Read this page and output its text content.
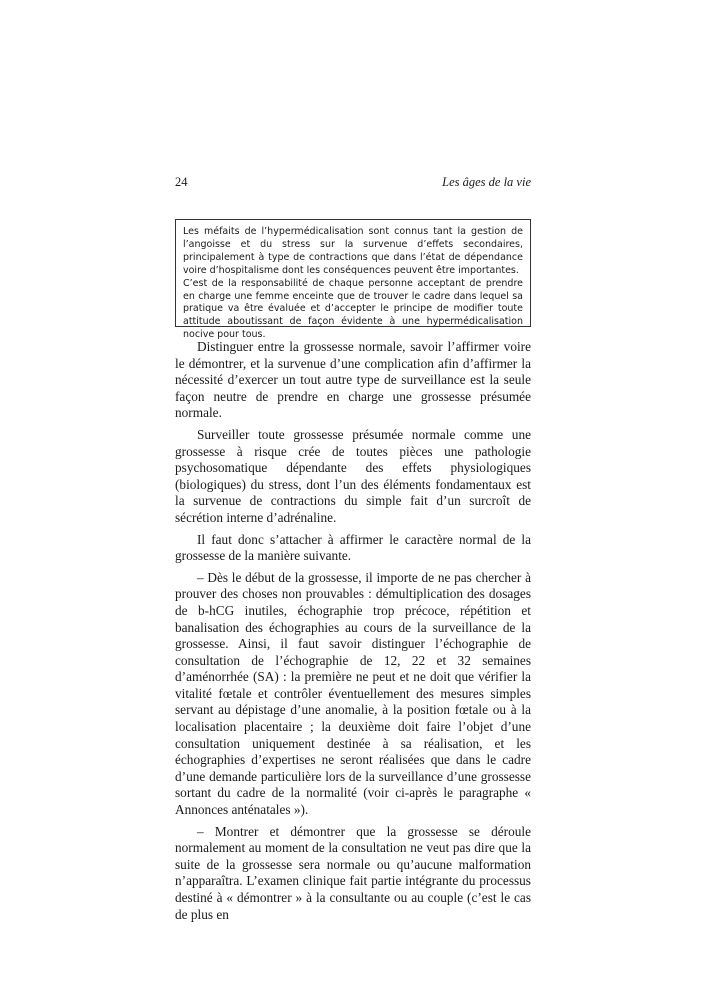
24	Les âges de la vie

Les méfaits de l’hypermédicalisation sont connus tant la gestion de l’angoisse et du stress sur la survenue d’effets secondaires, principalement à type de contractions que dans l’état de dépendance voire d’hospitalisme dont les conséquences peuvent être importantes.

C’est de la responsabilité de chaque personne acceptant de prendre en charge une femme enceinte que de trouver le cadre dans lequel sa pratique va être évaluée et d’accepter le principe de modifier toute attitude aboutissant de façon évidente à une hypermédicalisation nocive pour tous.

Distinguer entre la grossesse normale, savoir l’affirmer voire le démontrer, et la survenue d’une complication afin d’affirmer la nécessité d’exercer un tout autre type de surveillance est la seule façon neutre de prendre en charge une grossesse présumée normale.

Surveiller toute grossesse présumée normale comme une grossesse à risque crée de toutes pièces une pathologie psychosomatique dépendante des effets physiologiques (biologiques) du stress, dont l’un des éléments fondamentaux est la survenue de contractions du simple fait d’un surcroît de sécrétion interne d’adrénaline.

Il faut donc s’attacher à affirmer le caractère normal de la grossesse de la manière suivante.

– Dès le début de la grossesse, il importe de ne pas chercher à prouver des choses non prouvables : démultiplication des dosages de b-hCG inutiles, échographie trop précoce, répétition et banalisation des échographies au cours de la surveillance de la grossesse. Ainsi, il faut savoir distinguer l’échographie de consultation de l’échographie de 12, 22 et 32 semaines d’aménorrhée (SA) : la première ne peut et ne doit que vérifier la vitalité fœtale et contrôler éventuellement des mesures simples servant au dépistage d’une anomalie, à la position fœtale ou à la localisation placentaire ; la deuxième doit faire l’objet d’une consultation uniquement destinée à sa réalisation, et les échographies d’expertises ne seront réalisées que dans le cadre d’une demande particulière lors de la surveillance d’une grossesse sortant du cadre de la normalité (voir ci-après le paragraphe « Annonces anténatales »).

– Montrer et démontrer que la grossesse se déroule normalement au moment de la consultation ne veut pas dire que la suite de la grossesse sera normale ou qu’aucune malformation n’apparaîtra. L’examen clinique fait partie intégrante du processus destiné à « démontrer » à la consultante ou au couple (c’est le cas de plus en
